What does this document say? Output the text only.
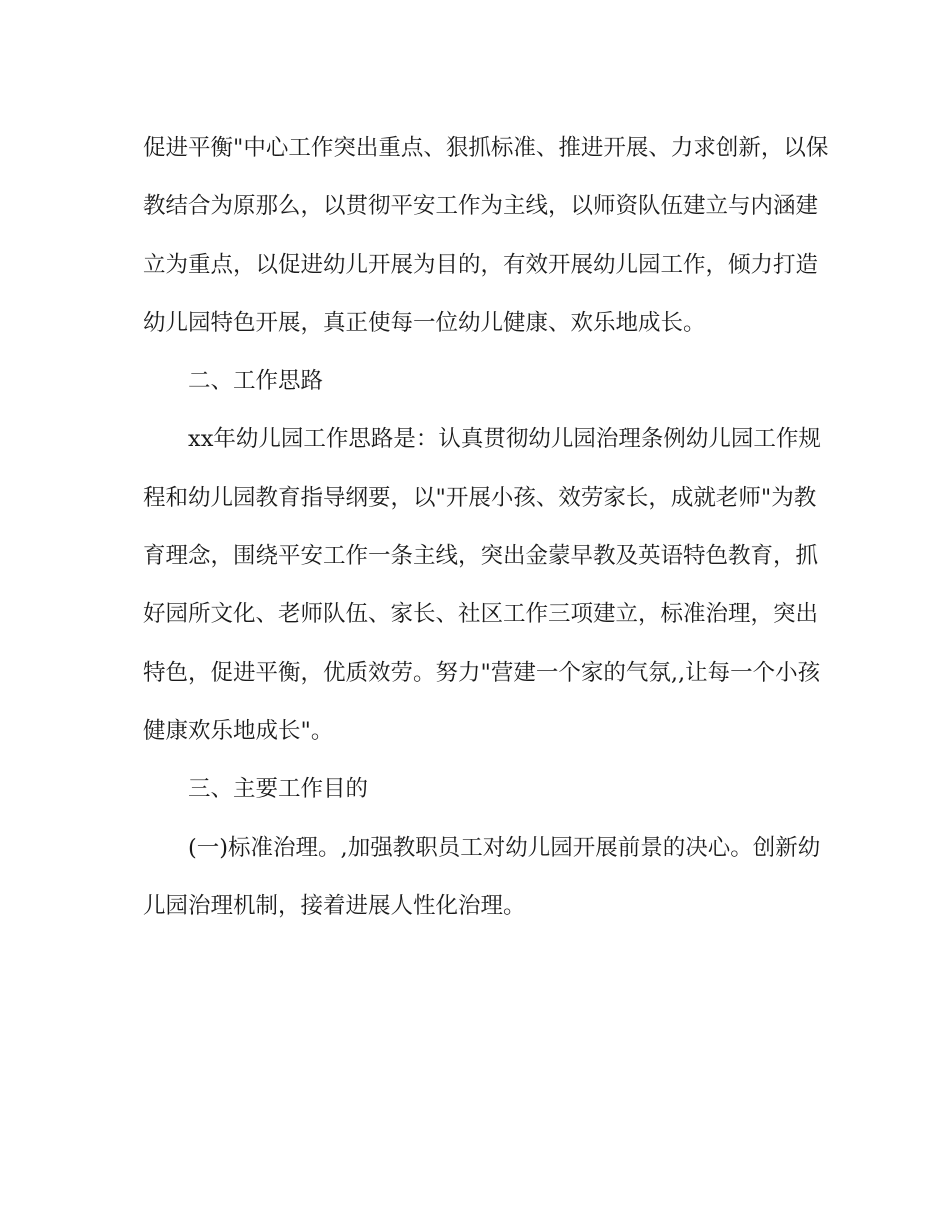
促进平衡"中心工作突出重点、狠抓标准、推进开展、力求创新，以保
教结合为原那么，以贯彻平安工作为主线，以师资队伍建立与内涵建
立为重点，以促进幼儿开展为目的，有效开展幼儿园工作，倾力打造
幼儿园特色开展，真正使每一位幼儿健康、欢乐地成长。
二、工作思路
xx年幼儿园工作思路是：认真贯彻幼儿园治理条例幼儿园工作规
程和幼儿园教育指导纲要，以"开展小孩、效劳家长，成就老师"为教
育理念，围绕平安工作一条主线，突出金蒙早教及英语特色教育，抓
好园所文化、老师队伍、家长、社区工作三项建立，标准治理，突出
特色，促进平衡，优质效劳。努力"营建一个家的气氛,,让每一个小孩
健康欢乐地成长"。
三、主要工作目的
(一)标准治理。,加强教职员工对幼儿园开展前景的决心。创新幼
儿园治理机制，接着进展人性化治理。
